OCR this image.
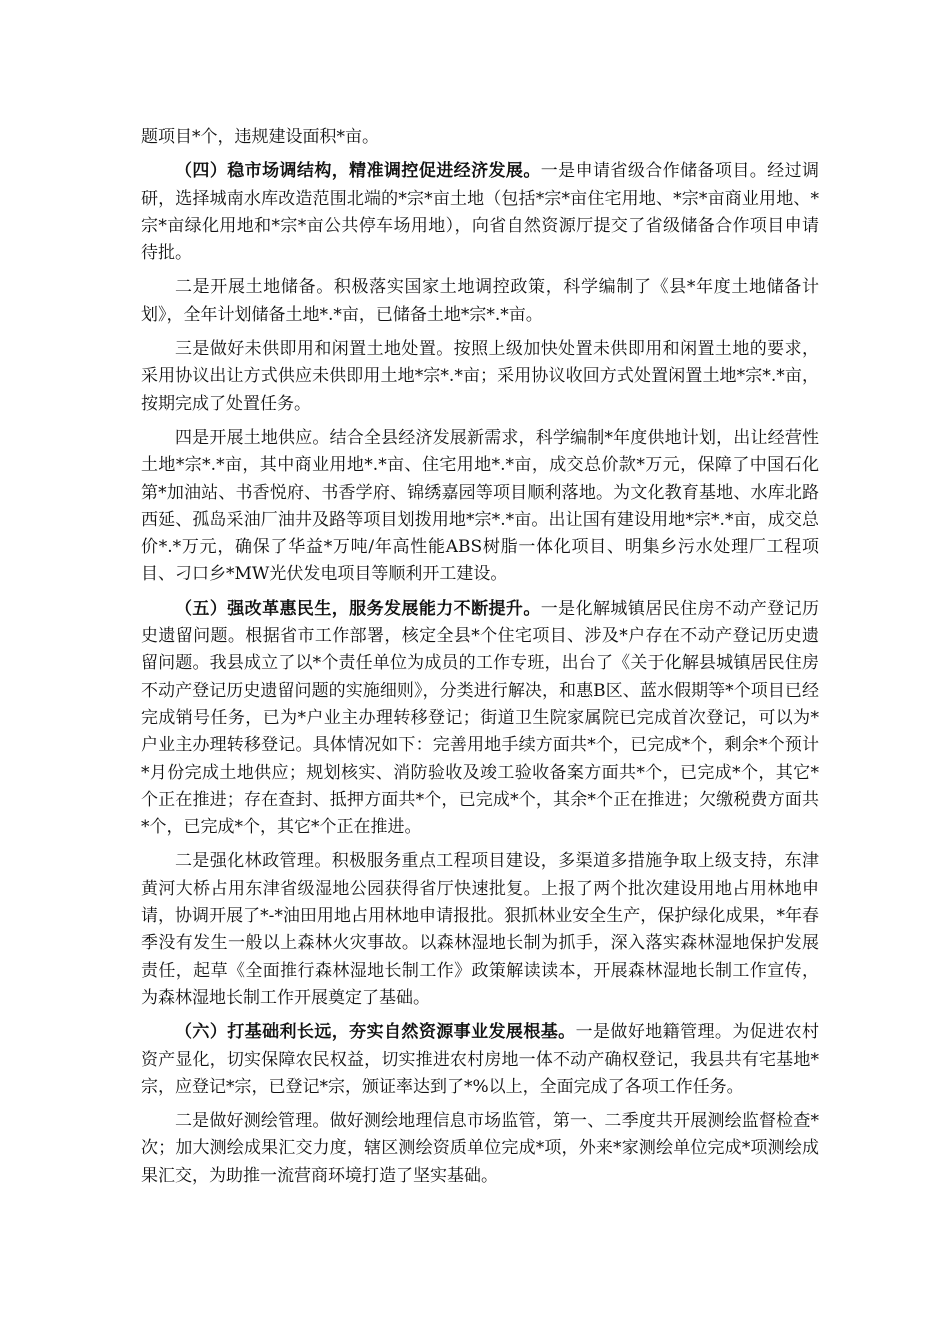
题项目*个，违规建设面积*亩。

（四）稳市场调结构，精准调控促进经济发展。一是申请省级合作储备项目。经过调研，选择城南水库改造范围北端的*宗*亩土地（包括*宗*亩住宅用地、*宗*亩商业用地、*宗*亩绿化用地和*宗*亩公共停车场用地），向省自然资源厅提交了省级储备合作项目申请待批。

二是开展土地储备。积极落实国家土地调控政策，科学编制了《县*年度土地储备计划》，全年计划储备土地*.*亩，已储备土地*宗*.*亩。

三是做好未供即用和闲置土地处置。按照上级加快处置未供即用和闲置土地的要求，采用协议出让方式供应未供即用土地*宗*.*亩；采用协议收回方式处置闲置土地*宗*.*亩，按期完成了处置任务。

四是开展土地供应。结合全县经济发展新需求，科学编制*年度供地计划，出让经营性土地*宗*.*亩，其中商业用地*.*亩、住宅用地*.*亩，成交总价款*万元，保障了中国石化第*加油站、书香悦府、书香学府、锦绣嘉园等项目顺利落地。为文化教育基地、水库北路西延、孤岛采油厂油井及路等项目划拨用地*宗*.*亩。出让国有建设用地*宗*.*亩，成交总价*.*万元，确保了华益*万吨/年高性能ABS树脂一体化项目、明集乡污水处理厂工程项目、刁口乡*MW光伏发电项目等顺利开工建设。

（五）强改革惠民生，服务发展能力不断提升。一是化解城镇居民住房不动产登记历史遗留问题。根据省市工作部署，核定全县*个住宅项目、涉及*户存在不动产登记历史遗留问题。我县成立了以*个责任单位为成员的工作专班，出台了《关于化解县城镇居民住房不动产登记历史遗留问题的实施细则》，分类进行解决，和惠B区、蓝水假期等*个项目已经完成销号任务，已为*户业主办理转移登记；街道卫生院家属院已完成首次登记，可以为*户业主办理转移登记。具体情况如下：完善用地手续方面共*个，已完成*个，剩余*个预计*月份完成土地供应；规划核实、消防验收及竣工验收备案方面共*个，已完成*个，其它*个正在推进；存在查封、抵押方面共*个，已完成*个，其余*个正在推进；欠缴税费方面共*个，已完成*个，其它*个正在推进。

二是强化林政管理。积极服务重点工程项目建设，多渠道多措施争取上级支持，东津黄河大桥占用东津省级湿地公园获得省厅快速批复。上报了两个批次建设用地占用林地申请，协调开展了*-*油田用地占用林地申请报批。狠抓林业安全生产，保护绿化成果，*年春季没有发生一般以上森林火灾事故。以森林湿地长制为抓手，深入落实森林湿地保护发展责任，起草《全面推行森林湿地长制工作》政策解读读本，开展森林湿地长制工作宣传，为森林湿地长制工作开展奠定了基础。

（六）打基础利长远，夯实自然资源事业发展根基。一是做好地籍管理。为促进农村资产显化，切实保障农民权益，切实推进农村房地一体不动产确权登记，我县共有宅基地*宗，应登记*宗，已登记*宗，颁证率达到了*%以上，全面完成了各项工作任务。

二是做好测绘管理。做好测绘地理信息市场监管，第一、二季度共开展测绘监督检查*次；加大测绘成果汇交力度，辖区测绘资质单位完成*项，外来*家测绘单位完成*项测绘成果汇交，为助推一流营商环境打造了坚实基础。
